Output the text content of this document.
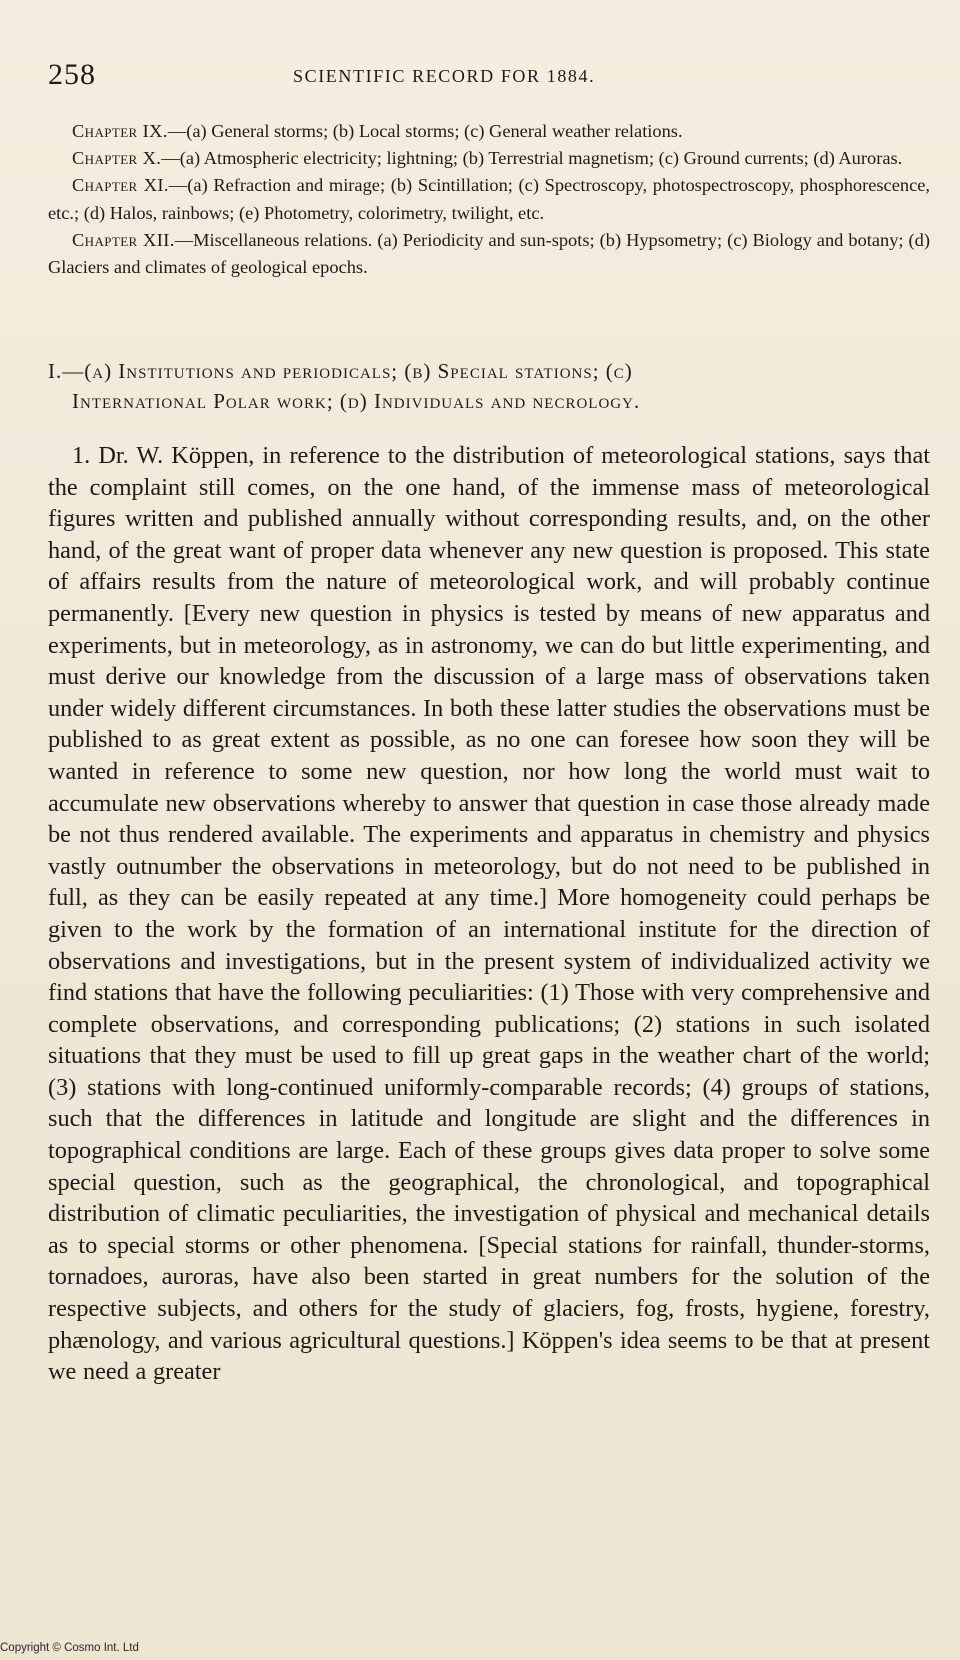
258	SCIENTIFIC RECORD FOR 1884.

Chapter IX.—(a) General storms; (b) Local storms; (c) General weather relations.

Chapter X.—(a) Atmospheric electricity; lightning; (b) Terrestrial magnetism; (c) Ground currents; (d) Auroras.

Chapter XI.—(a) Refraction and mirage; (b) Scintillation; (c) Spectroscopy, photospectroscopy, phosphorescence, etc.; (d) Halos, rainbows; (e) Photometry, colorimetry, twilight, etc.

Chapter XII.—Miscellaneous relations. (a) Periodicity and sun-spots; (b) Hypsometry; (c) Biology and botany; (d) Glaciers and climates of geological epochs.

I.—(a) Institutions and periodicals; (b) Special stations; (c)
International Polar work; (d) Individuals and necrology.

1. Dr. W. Köppen, in reference to the distribution of meteorological stations, says that the complaint still comes, on the one hand, of the immense mass of meteorological figures written and published annually without corresponding results, and, on the other hand, of the great want of proper data whenever any new question is proposed. This state of affairs results from the nature of meteorological work, and will probably continue permanently. [Every new question in physics is tested by means of new apparatus and experiments, but in meteorology, as in astronomy, we can do but little experimenting, and must derive our knowledge from the discussion of a large mass of observations taken under widely different circumstances. In both these latter studies the observations must be published to as great extent as possible, as no one can foresee how soon they will be wanted in reference to some new question, nor how long the world must wait to accumulate new observations whereby to answer that question in case those already made be not thus rendered available. The experiments and apparatus in chemistry and physics vastly outnumber the observations in meteorology, but do not need to be published in full, as they can be easily repeated at any time.] More homogeneity could perhaps be given to the work by the formation of an international institute for the direction of observations and investigations, but in the present system of individualized activity we find stations that have the following peculiarities: (1) Those with very comprehensive and complete observations, and corresponding publications; (2) stations in such isolated situations that they must be used to fill up great gaps in the weather chart of the world; (3) stations with long-continued uniformly-comparable records; (4) groups of stations, such that the differences in latitude and longitude are slight and the differences in topographical conditions are large. Each of these groups gives data proper to solve some special question, such as the geographical, the chronological, and topographical distribution of climatic peculiarities, the investigation of physical and mechanical details as to special storms or other phenomena. [Special stations for rainfall, thunder-storms, tornadoes, auroras, have also been started in great numbers for the solution of the respective subjects, and others for the study of glaciers, fog, frosts, hygiene, forestry, phænology, and various agricultural questions.] Köppen's idea seems to be that at present we need a greater

Copyright © Cosmo Int. Ltd
